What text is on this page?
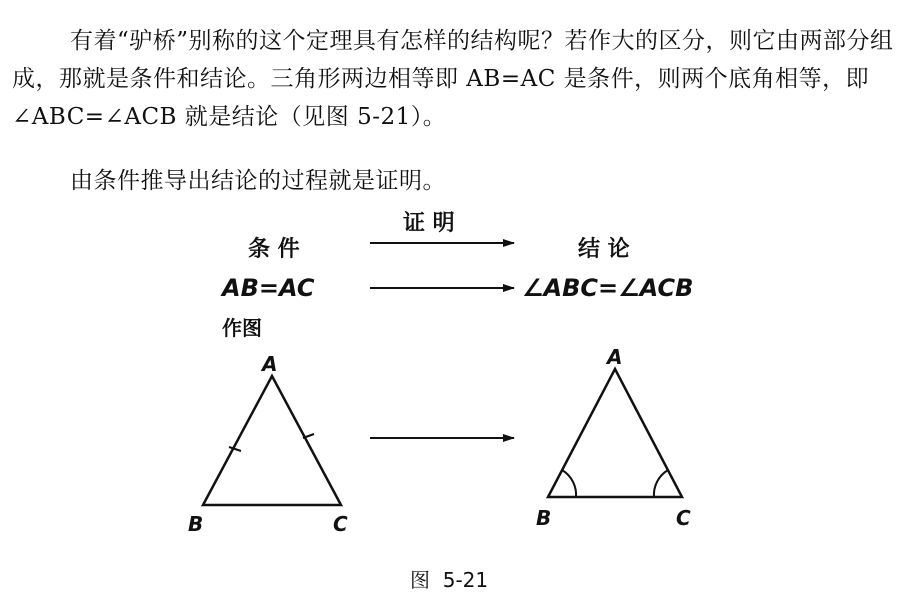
有着“驴桥”别称的这个定理具有怎样的结构呢？若作大的区分，则它由两部分组成，那就是条件和结论。三角形两边相等即 AB=AC 是条件，则两个底角相等，即∠ABC=∠ACB 就是结论（见图 5-21）。

由条件推导出结论的过程就是证明。

证 明
条 件	结 论
AB=AC	∠ABC=∠ACB
作图
A
B	C
A
B	C
图  5-21
